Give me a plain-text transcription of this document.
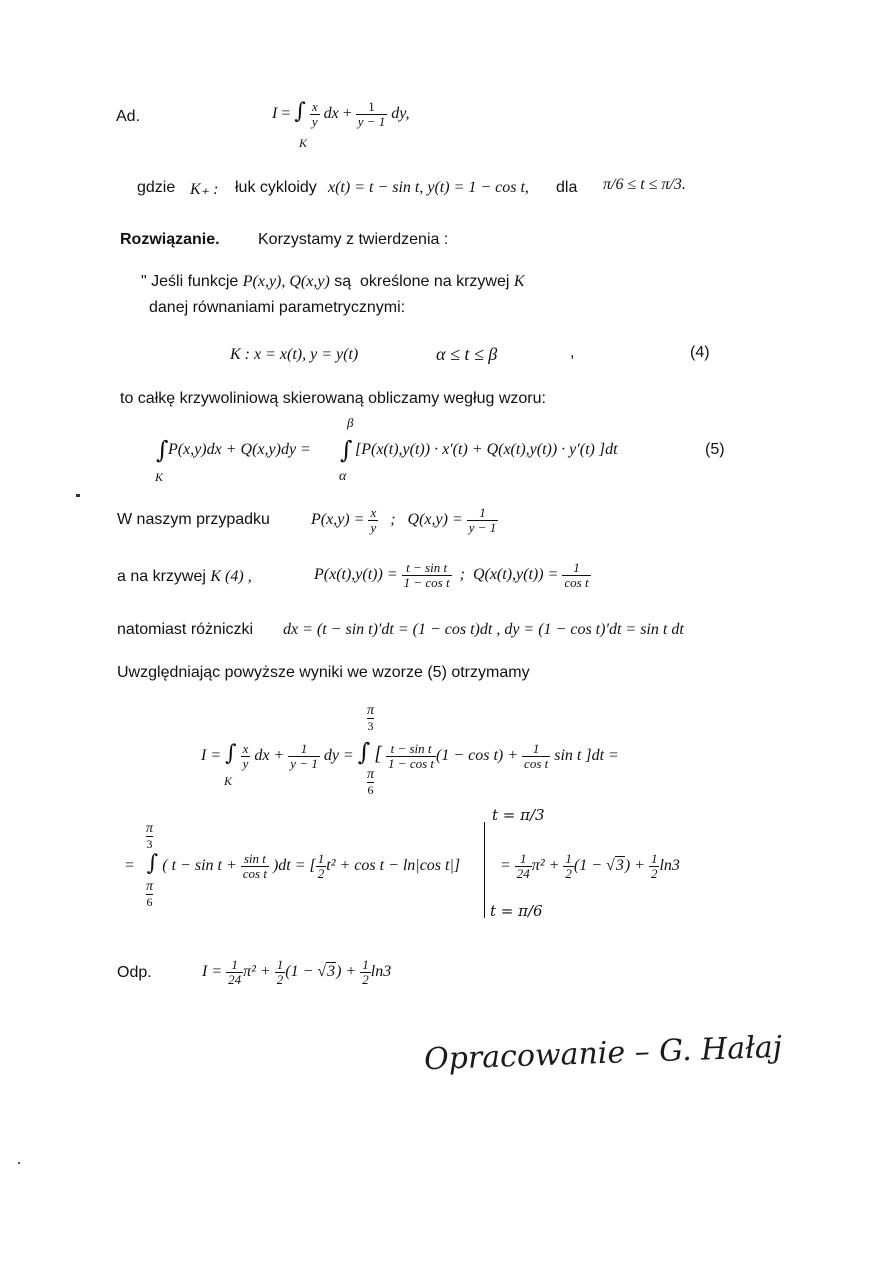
Ad.	I = ∫ $\frac{x}{y}$ dx + $\frac{1}{y - 1}$ dy,
K
gdzie K₊ : łuk cykloidy x(t) = t − sin t, y(t) = 1 − cos t, dla π/6 ≤ t ≤ π/3.
Rozwiązanie. Korzystamy z twierdzenia :
" Jeśli funkcje P(x,y), Q(x,y) są określone na krzywej K
danej równaniami parametrycznymi:
K : x = x(t), y = y(t)	α ≤ t ≤ β	,	(4)
to całkę krzywoliniową skierowaną obliczamy wegług wzoru:
β
∫ P(x,y)dx + Q(x,y)dy = ∫ [P(x(t),y(t)) · x′(t) + Q(x(t),y(t)) · y′(t) ]dt	(5)
K	α
W naszym przypadku	$P(x,y) = \frac{x}{y}$ ;   $Q(x,y) = \frac{1}{y - 1}$
a na krzywej K (4) ,	$P(x(t),y(t)) = \frac{\text{t − sin t}}{\text{1 − cos t}}$ ;  $Q(x(t),y(t)) = \frac{1}{\text{cos t}}$
natomiast różniczki dx = (t − sin t)′dt = (1 − cos t)dt , dy = (1 − cos t)′dt = sin t dt
Uwzględniając powyższe wyniki we wzorze (5) otrzymamy
π
3
I = ∫ $\frac{x}{y}$ dx + $\frac{1}{y - 1}$ dy = ∫ [ $\frac{\text{t − sin t}}{\text{1 − cos t}} (1 - \cos t) + \frac{1}{\text{cos t}}$ sin t ]dt =
K	π
6
π
3
= ∫ ( $t - \sin t + \frac{\text{sin t}}{\text{cos t}} )dt$ = [ $\frac{1}{2} t^2 + \cos t - \ln|\cos$ t|]
π
6
t = π/3
t = π/6
= $\frac{1}{24} \pi^2 + \frac{1}{2} (1 - √3) + \frac{1}{2} \ln 3$
Odp.	$I = \frac{1}{24} \pi^2 + \frac{1}{2} (1 - √3) + \frac{1}{2} \ln 3$
Opracowanie – G. Hałaj
